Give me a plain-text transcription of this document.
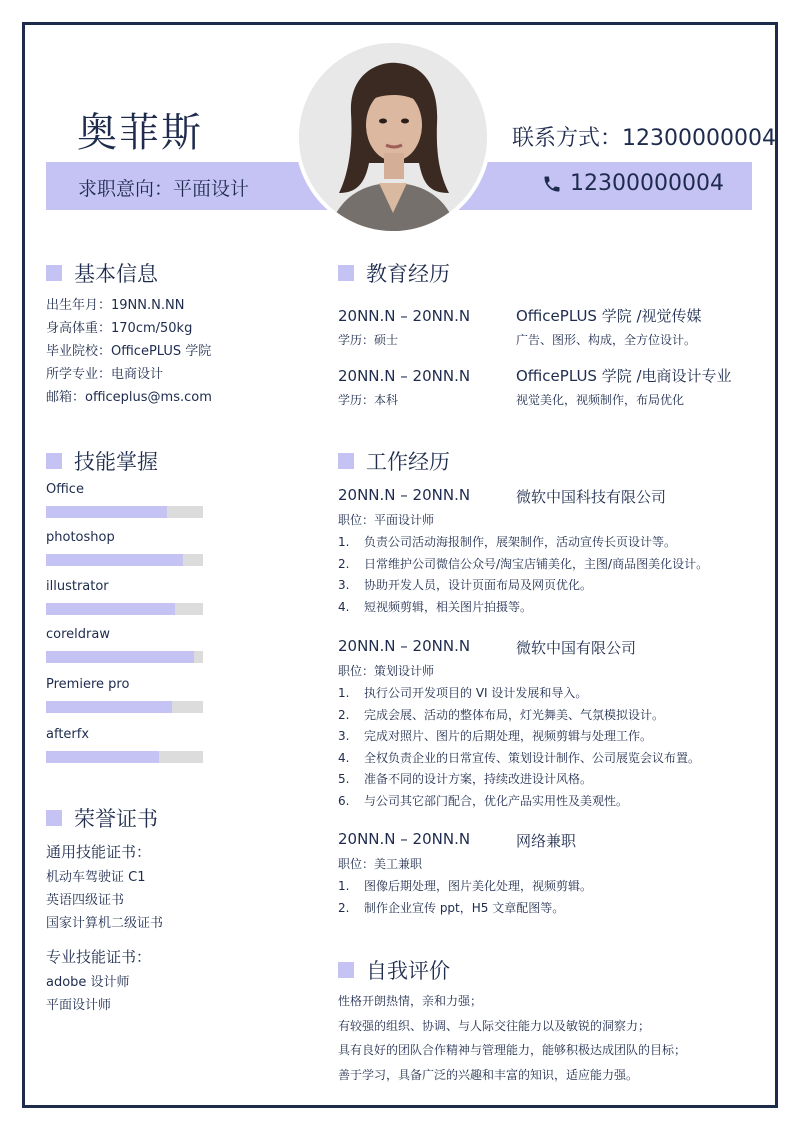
奥菲斯	联系方式：12300000004
求职意向：平面设计	12300000004
基本信息
出生年月：19NN.N.NN
身高体重：170cm/50kg
毕业院校：OfficePLUS 学院
所学专业：电商设计
邮箱：officeplus@ms.com
技能掌握
Office
photoshop
illustrator
coreldraw
Premiere pro
afterfx
荣誉证书
通用技能证书：
机动车驾驶证 C1
英语四级证书
国家计算机二级证书
专业技能证书：
adobe 设计师
平面设计师
教育经历
20NN.N – 20NN.N	OfficePLUS 学院 /视觉传媒
学历：硕士	广告、图形、构成，全方位设计。
20NN.N – 20NN.N	OfficePLUS 学院 /电商设计专业
学历：本科	视觉美化，视频制作，布局优化
工作经历
20NN.N – 20NN.N	微软中国科技有限公司
职位：平面设计师
1. 负责公司活动海报制作，展架制作，活动宣传长页设计等。
2. 日常维护公司微信公众号/淘宝店铺美化，主图/商品图美化设计。
3. 协助开发人员，设计页面布局及网页优化。
4. 短视频剪辑，相关图片拍摄等。
20NN.N – 20NN.N	微软中国有限公司
职位：策划设计师
1. 执行公司开发项目的 VI 设计发展和导入。
2. 完成会展、活动的整体布局，灯光舞美、气氛模拟设计。
3. 完成对照片、图片的后期处理，视频剪辑与处理工作。
4. 全权负责企业的日常宣传、策划设计制作、公司展览会议布置。
5. 准备不同的设计方案，持续改进设计风格。
6. 与公司其它部门配合，优化产品实用性及美观性。
20NN.N – 20NN.N	网络兼职
职位：美工兼职
1. 图像后期处理，图片美化处理，视频剪辑。
2. 制作企业宣传 ppt，H5 文章配图等。
自我评价
性格开朗热情，亲和力强；
有较强的组织、协调、与人际交往能力以及敏锐的洞察力；
具有良好的团队合作精神与管理能力，能够积极达成团队的目标；
善于学习，具备广泛的兴趣和丰富的知识，适应能力强。
